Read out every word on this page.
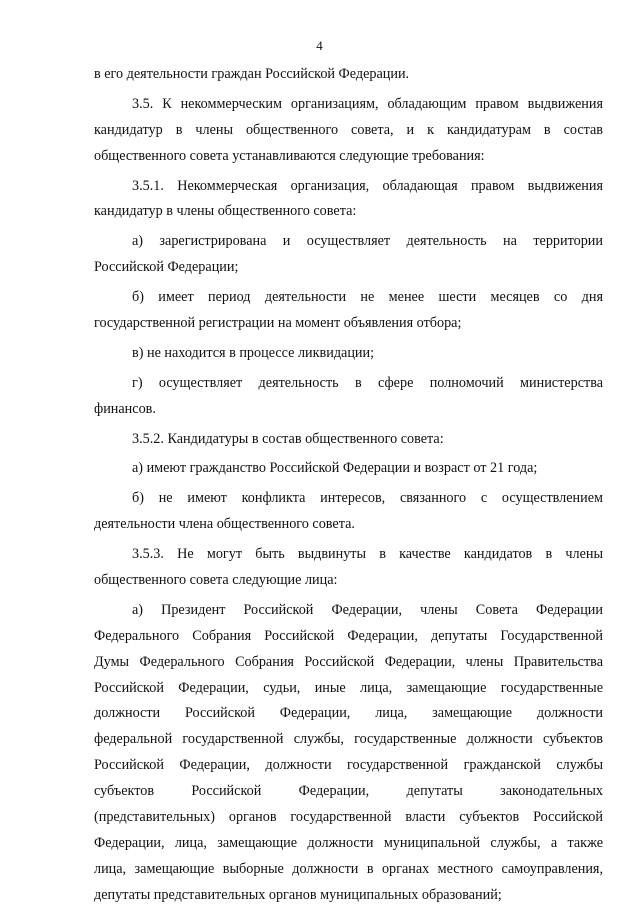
4
в его деятельности граждан Российской Федерации.
3.5. К некоммерческим организациям, обладающим правом выдвижения
кандидатур в члены общественного совета, и к кандидатурам в состав
общественного совета устанавливаются следующие требования:
3.5.1. Некоммерческая организация, обладающая правом выдвижения
кандидатур в члены общественного совета:
а) зарегистрирована и осуществляет деятельность на территории
Российской Федерации;
б) имеет период деятельности не менее шести месяцев со дня
государственной регистрации на момент объявления отбора;
в) не находится в процессе ликвидации;
г) осуществляет деятельность в сфере полномочий министерства
финансов.
3.5.2. Кандидатуры в состав общественного совета:
а) имеют гражданство Российской Федерации и возраст от 21 года;
б) не имеют конфликта интересов, связанного с осуществлением
деятельности члена общественного совета.
3.5.3. Не могут быть выдвинуты в качестве кандидатов в члены
общественного совета следующие лица:
а) Президент Российской Федерации, члены Совета Федерации
Федерального Собрания Российской Федерации, депутаты Государственной
Думы Федерального Собрания Российской Федерации, члены Правительства
Российской Федерации, судьи, иные лица, замещающие государственные
должности Российской Федерации, лица, замещающие должности
федеральной государственной службы, государственные должности субъектов
Российской Федерации, должности государственной гражданской службы
субъектов Российской Федерации, депутаты законодательных
(представительных) органов государственной власти субъектов Российской
Федерации, лица, замещающие должности муниципальной службы, а также
лица, замещающие выборные должности в органах местного самоуправления,
депутаты представительных органов муниципальных образований;
